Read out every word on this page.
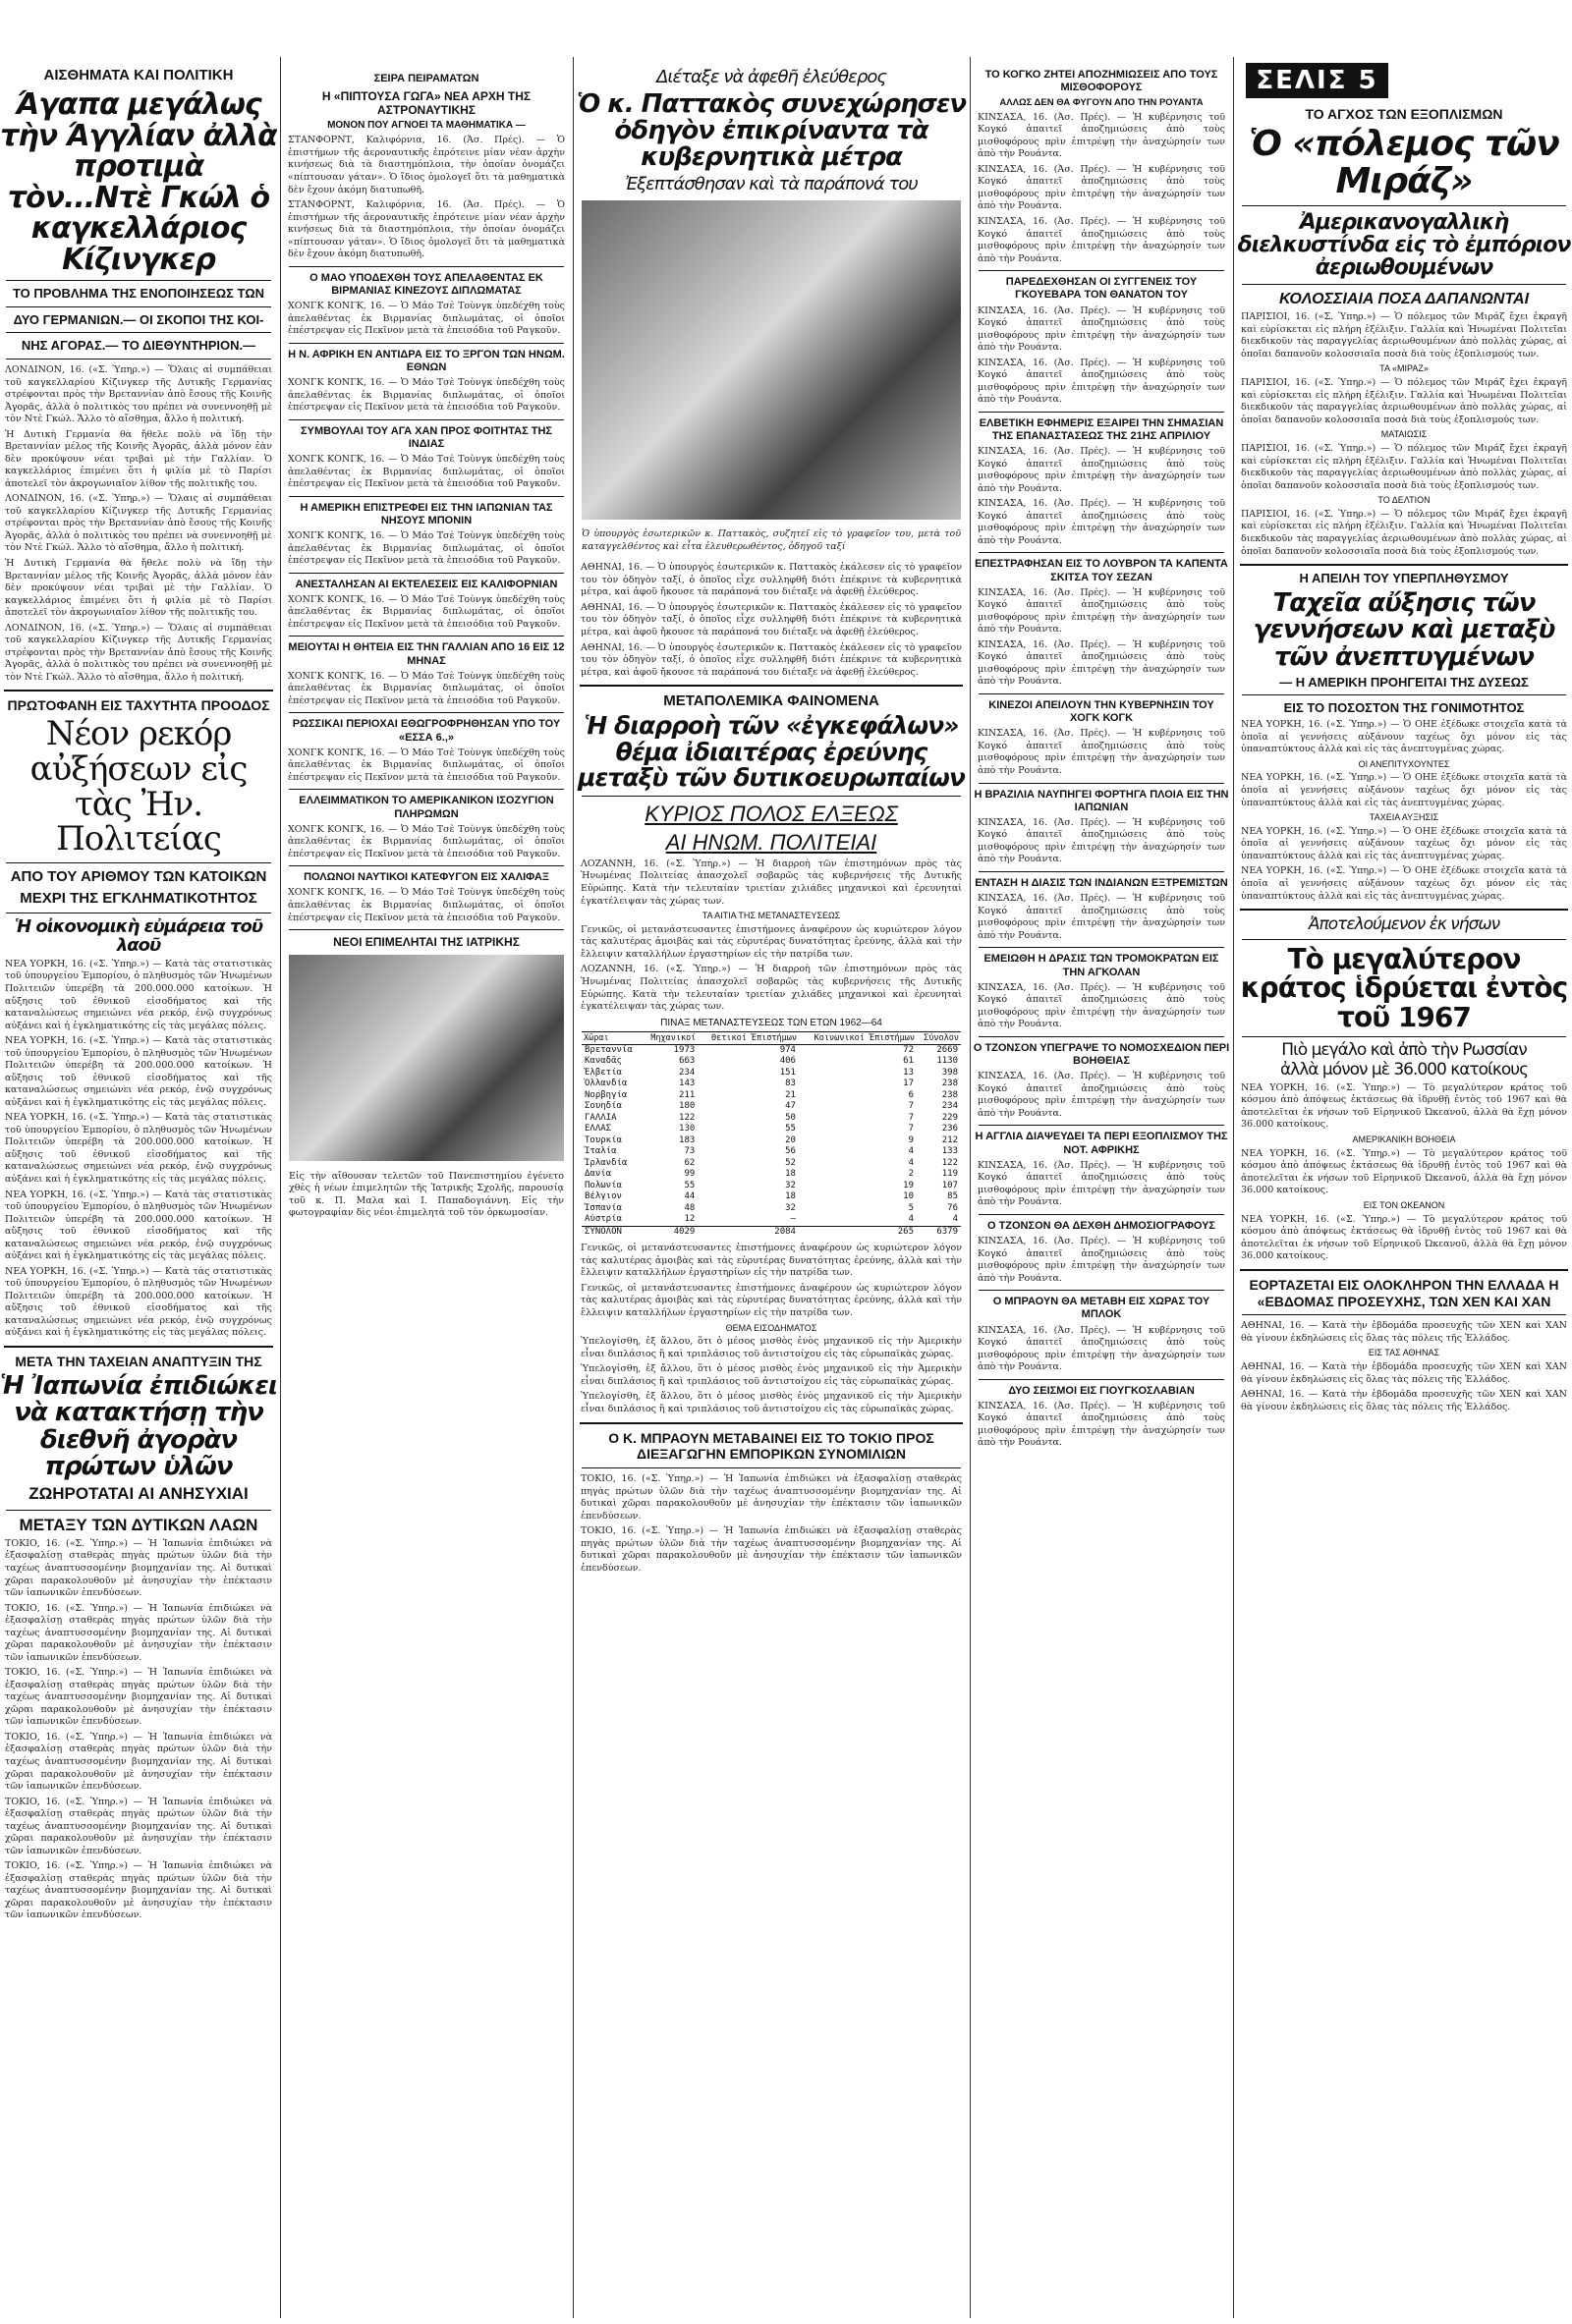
ΑΙΣΘΗΜΑΤΑ ΚΑΙ ΠΟΛΙΤΙΚΗ
Άγαπα μεγάλως τὴν Άγγλίαν ἀλλὰ προτιμὰ τὸν...Ντὲ Γκώλ ὁ καγκελλάριος Κίζινγκερ
ΤΟ ΠΡΟΒΛΗΜΑ ΤΗΣ ΕΝΟΠΟΙΗΣΕΩΣ ΤΩΝ
ΔΥΟ ΓΕΡΜΑΝΙΩΝ.— ΟΙ ΣΚΟΠΟΙ ΤΗΣ ΚΟΙ-
ΝΗΣ ΑΓΟΡΑΣ.— ΤΟ ΔΙΕΘΥΝΤΗΡΙΟΝ.—

ΛΟΝΔΙΝΟΝ, 16. («Σ. Ὑπηρ.») — Ὅλαις αἱ συμπάθειαι τοῦ καγκελλαρίου Κίζινγκερ τῆς Δυτικῆς Γερμανίας στρέφονται πρὸς τὴν Βρεταννίαν ἀπὸ ἔσους τῆς Κοινῆς Ἀγορᾶς, ἀλλὰ ὁ πολιτικὸς του πρέπει νὰ συνεννοηθῇ μὲ τὸν Ντὲ Γκώλ. Ἄλλο τὸ αἴσθημα, ἄλλο ἡ πολιτική.

Ἡ Δυτικὴ Γερμανία θὰ ἤθελε πολὺ νὰ ἴδῃ τὴν Βρεταννίαν μέλος τῆς Κοινῆς Ἀγορᾶς, ἀλλὰ μόνον ἐὰν δὲν προκύψουν νέαι τριβαὶ μὲ τὴν Γαλλίαν. Ὁ καγκελλάριος ἐπιμένει ὅτι ἡ φιλία μὲ τὸ Παρίσι ἀποτελεῖ τὸν ἀκρογωνιαῖον λίθον τῆς πολιτικῆς του.

ΛΟΝΔΙΝΟΝ, 16. («Σ. Ὑπηρ.») — Ὅλαις αἱ συμπάθειαι τοῦ καγκελλαρίου Κίζινγκερ τῆς Δυτικῆς Γερμανίας στρέφονται πρὸς τὴν Βρεταννίαν ἀπὸ ἔσους τῆς Κοινῆς Ἀγορᾶς, ἀλλὰ ὁ πολιτικὸς του πρέπει νὰ συνεννοηθῇ μὲ τὸν Ντὲ Γκώλ. Ἄλλο τὸ αἴσθημα, ἄλλο ἡ πολιτική.

Ἡ Δυτικὴ Γερμανία θὰ ἤθελε πολὺ νὰ ἴδῃ τὴν Βρεταννίαν μέλος τῆς Κοινῆς Ἀγορᾶς, ἀλλὰ μόνον ἐὰν δὲν προκύψουν νέαι τριβαὶ μὲ τὴν Γαλλίαν. Ὁ καγκελλάριος ἐπιμένει ὅτι ἡ φιλία μὲ τὸ Παρίσι ἀποτελεῖ τὸν ἀκρογωνιαῖον λίθον τῆς πολιτικῆς του.

ΛΟΝΔΙΝΟΝ, 16. («Σ. Ὑπηρ.») — Ὅλαις αἱ συμπάθειαι τοῦ καγκελλαρίου Κίζινγκερ τῆς Δυτικῆς Γερμανίας στρέφονται πρὸς τὴν Βρεταννίαν ἀπὸ ἔσους τῆς Κοινῆς Ἀγορᾶς, ἀλλὰ ὁ πολιτικὸς του πρέπει νὰ συνεννοηθῇ μὲ τὸν Ντὲ Γκώλ. Ἄλλο τὸ αἴσθημα, ἄλλο ἡ πολιτική.

ΠΡΩΤΟΦΑΝΗ ΕΙΣ ΤΑΧΥΤΗΤΑ ΠΡΟΟΔΟΣ
Νέον ρεκόρ αὐξήσεων εἰς τὰς Ἠν. Πολιτείας
ΑΠΟ ΤΟΥ ΑΡΙΘΜΟΥ ΤΩΝ ΚΑΤΟΙΚΩΝ
ΜΕΧΡΙ ΤΗΣ ΕΓΚΛΗΜΑΤΙΚΟΤΗΤΟΣ
Ἡ οἰκονομικὴ εὐμάρεια τοῦ λαοῦ

ΝΕΑ ΥΟΡΚΗ, 16. («Σ. Ὑπηρ.») — Κατὰ τὰς στατιστικὰς τοῦ ὑπουργείου Ἐμπορίου, ὁ πληθυσμὸς τῶν Ἡνωμένων Πολιτειῶν ὑπερέβη τὰ 200.000.000 κατοίκων. Ἡ αὔξησις τοῦ ἐθνικοῦ εἰσοδήματος καὶ τῆς καταναλώσεως σημειώνει νέα ρεκόρ, ἐνῷ συγχρόνως αὐξάνει καὶ ἡ ἐγκληματικότης εἰς τὰς μεγάλας πόλεις.

ΝΕΑ ΥΟΡΚΗ, 16. («Σ. Ὑπηρ.») — Κατὰ τὰς στατιστικὰς τοῦ ὑπουργείου Ἐμπορίου, ὁ πληθυσμὸς τῶν Ἡνωμένων Πολιτειῶν ὑπερέβη τὰ 200.000.000 κατοίκων. Ἡ αὔξησις τοῦ ἐθνικοῦ εἰσοδήματος καὶ τῆς καταναλώσεως σημειώνει νέα ρεκόρ, ἐνῷ συγχρόνως αὐξάνει καὶ ἡ ἐγκληματικότης εἰς τὰς μεγάλας πόλεις.

ΝΕΑ ΥΟΡΚΗ, 16. («Σ. Ὑπηρ.») — Κατὰ τὰς στατιστικὰς τοῦ ὑπουργείου Ἐμπορίου, ὁ πληθυσμὸς τῶν Ἡνωμένων Πολιτειῶν ὑπερέβη τὰ 200.000.000 κατοίκων. Ἡ αὔξησις τοῦ ἐθνικοῦ εἰσοδήματος καὶ τῆς καταναλώσεως σημειώνει νέα ρεκόρ, ἐνῷ συγχρόνως αὐξάνει καὶ ἡ ἐγκληματικότης εἰς τὰς μεγάλας πόλεις.

ΝΕΑ ΥΟΡΚΗ, 16. («Σ. Ὑπηρ.») — Κατὰ τὰς στατιστικὰς τοῦ ὑπουργείου Ἐμπορίου, ὁ πληθυσμὸς τῶν Ἡνωμένων Πολιτειῶν ὑπερέβη τὰ 200.000.000 κατοίκων. Ἡ αὔξησις τοῦ ἐθνικοῦ εἰσοδήματος καὶ τῆς καταναλώσεως σημειώνει νέα ρεκόρ, ἐνῷ συγχρόνως αὐξάνει καὶ ἡ ἐγκληματικότης εἰς τὰς μεγάλας πόλεις.

ΝΕΑ ΥΟΡΚΗ, 16. («Σ. Ὑπηρ.») — Κατὰ τὰς στατιστικὰς τοῦ ὑπουργείου Ἐμπορίου, ὁ πληθυσμὸς τῶν Ἡνωμένων Πολιτειῶν ὑπερέβη τὰ 200.000.000 κατοίκων. Ἡ αὔξησις τοῦ ἐθνικοῦ εἰσοδήματος καὶ τῆς καταναλώσεως σημειώνει νέα ρεκόρ, ἐνῷ συγχρόνως αὐξάνει καὶ ἡ ἐγκληματικότης εἰς τὰς μεγάλας πόλεις.

ΜΕΤΑ ΤΗΝ ΤΑΧΕΙΑΝ ΑΝΑΠΤΥΞΙΝ ΤΗΣ
Ἡ Ἰαπωνία ἐπιδιώκει νὰ κατακτήσῃ τὴν διεθνῆ ἀγορὰν πρώτων ὑλῶν
ΖΩΗΡΟΤΑΤΑΙ ΑΙ ΑΝΗΣΥΧΙΑΙ
ΜΕΤΑΞΥ ΤΩΝ ΔΥΤΙΚΩΝ ΛΑΩΝ

ΤΟΚΙΟ, 16. («Σ. Ὑπηρ.») — Ἡ Ἰαπωνία ἐπιδιώκει νὰ ἐξασφαλίσῃ σταθερὰς πηγὰς πρώτων ὑλῶν διὰ τὴν ταχέως ἀναπτυσσομένην βιομηχανίαν της. Αἱ δυτικαὶ χῶραι παρακολουθοῦν μὲ ἀνησυχίαν τὴν ἐπέκτασιν τῶν ἰαπωνικῶν ἐπενδύσεων.

ΤΟΚΙΟ, 16. («Σ. Ὑπηρ.») — Ἡ Ἰαπωνία ἐπιδιώκει νὰ ἐξασφαλίσῃ σταθερὰς πηγὰς πρώτων ὑλῶν διὰ τὴν ταχέως ἀναπτυσσομένην βιομηχανίαν της. Αἱ δυτικαὶ χῶραι παρακολουθοῦν μὲ ἀνησυχίαν τὴν ἐπέκτασιν τῶν ἰαπωνικῶν ἐπενδύσεων.

ΤΟΚΙΟ, 16. («Σ. Ὑπηρ.») — Ἡ Ἰαπωνία ἐπιδιώκει νὰ ἐξασφαλίσῃ σταθερὰς πηγὰς πρώτων ὑλῶν διὰ τὴν ταχέως ἀναπτυσσομένην βιομηχανίαν της. Αἱ δυτικαὶ χῶραι παρακολουθοῦν μὲ ἀνησυχίαν τὴν ἐπέκτασιν τῶν ἰαπωνικῶν ἐπενδύσεων.

ΤΟΚΙΟ, 16. («Σ. Ὑπηρ.») — Ἡ Ἰαπωνία ἐπιδιώκει νὰ ἐξασφαλίσῃ σταθερὰς πηγὰς πρώτων ὑλῶν διὰ τὴν ταχέως ἀναπτυσσομένην βιομηχανίαν της. Αἱ δυτικαὶ χῶραι παρακολουθοῦν μὲ ἀνησυχίαν τὴν ἐπέκτασιν τῶν ἰαπωνικῶν ἐπενδύσεων.

ΤΟΚΙΟ, 16. («Σ. Ὑπηρ.») — Ἡ Ἰαπωνία ἐπιδιώκει νὰ ἐξασφαλίσῃ σταθερὰς πηγὰς πρώτων ὑλῶν διὰ τὴν ταχέως ἀναπτυσσομένην βιομηχανίαν της. Αἱ δυτικαὶ χῶραι παρακολουθοῦν μὲ ἀνησυχίαν τὴν ἐπέκτασιν τῶν ἰαπωνικῶν ἐπενδύσεων.

ΤΟΚΙΟ, 16. («Σ. Ὑπηρ.») — Ἡ Ἰαπωνία ἐπιδιώκει νὰ ἐξασφαλίσῃ σταθερὰς πηγὰς πρώτων ὑλῶν διὰ τὴν ταχέως ἀναπτυσσομένην βιομηχανίαν της. Αἱ δυτικαὶ χῶραι παρακολουθοῦν μὲ ἀνησυχίαν τὴν ἐπέκτασιν τῶν ἰαπωνικῶν ἐπενδύσεων.

ΣΕΙΡΑ ΠΕΙΡΑΜΑΤΩΝ
Η «ΠΙΠΤΟΥΣΑ ΓΩΓΑ» ΝΕΑ ΑΡΧΗ ΤΗΣ ΑΣΤΡΟΝΑΥΤΙΚΗΣ
ΜΟΝΟΝ ΠΟΥ ΑΓΝΟΕΙ ΤΑ ΜΑΘΗΜΑΤΙΚΑ —

ΣΤΑΝΦΟΡΝΤ, Καλιφόρνια, 16. (Ἀσ. Πρές). — Ὁ ἐπιστήμων τῆς ἀεροναυτικῆς ἐπρότεινε μίαν νέαν ἀρχὴν κινήσεως διὰ τὰ διαστημόπλοια, τὴν ὁποίαν ὀνομάζει «πίπτουσαν γάταν». Ὁ ἴδιος ὁμολογεῖ ὅτι τὰ μαθηματικὰ δὲν ἔχουν ἀκόμη διατυπωθῆ.

ΣΤΑΝΦΟΡΝΤ, Καλιφόρνια, 16. (Ἀσ. Πρές). — Ὁ ἐπιστήμων τῆς ἀεροναυτικῆς ἐπρότεινε μίαν νέαν ἀρχὴν κινήσεως διὰ τὰ διαστημόπλοια, τὴν ὁποίαν ὀνομάζει «πίπτουσαν γάταν». Ὁ ἴδιος ὁμολογεῖ ὅτι τὰ μαθηματικὰ δὲν ἔχουν ἀκόμη διατυπωθῆ.

Ο ΜΑΟ ΥΠΟΔΕΧΘΗ ΤΟΥΣ ΑΠΕΛΑΘΕΝΤΑΣ ΕΚ ΒΙΡΜΑΝΙΑΣ ΚΙΝΕΖΟΥΣ ΔΙΠΛΩΜΑΤΑΣ

ΧΟΝΓΚ ΚΟΝΓΚ, 16. — Ὁ Μάο Τσὲ Τοὺνγκ ὑπεδέχθη τοὺς ἀπελαθέντας ἐκ Βιρμανίας διπλωμάτας, οἱ ὁποῖοι ἐπέστρεψαν εἰς Πεκῖνον μετὰ τὰ ἐπεισόδια τοῦ Ραγκοῦν.

Η Ν. ΑΦΡΙΚΗ ΕΝ ΑΝΤΙΔΡΑ ΕΙΣ ΤΟ ΞΡΓΟΝ ΤΩΝ ΗΝΩΜ. ΕΘΝΩΝ

ΧΟΝΓΚ ΚΟΝΓΚ, 16. — Ὁ Μάο Τσὲ Τοὺνγκ ὑπεδέχθη τοὺς ἀπελαθέντας ἐκ Βιρμανίας διπλωμάτας, οἱ ὁποῖοι ἐπέστρεψαν εἰς Πεκῖνον μετὰ τὰ ἐπεισόδια τοῦ Ραγκοῦν.

ΣΥΜΒΟΥΛΑΙ ΤΟΥ ΑΓΑ ΧΑΝ ΠΡΟΣ ΦΟΙΤΗΤΑΣ ΤΗΣ ΙΝΔΙΑΣ

ΧΟΝΓΚ ΚΟΝΓΚ, 16. — Ὁ Μάο Τσὲ Τοὺνγκ ὑπεδέχθη τοὺς ἀπελαθέντας ἐκ Βιρμανίας διπλωμάτας, οἱ ὁποῖοι ἐπέστρεψαν εἰς Πεκῖνον μετὰ τὰ ἐπεισόδια τοῦ Ραγκοῦν.

Η ΑΜΕΡΙΚΗ ΕΠΙΣΤΡΕΦΕΙ ΕΙΣ ΤΗΝ ΙΑΠΩΝΙΑΝ ΤΑΣ ΝΗΣΟΥΣ ΜΠΟΝΙΝ

ΧΟΝΓΚ ΚΟΝΓΚ, 16. — Ὁ Μάο Τσὲ Τοὺνγκ ὑπεδέχθη τοὺς ἀπελαθέντας ἐκ Βιρμανίας διπλωμάτας, οἱ ὁποῖοι ἐπέστρεψαν εἰς Πεκῖνον μετὰ τὰ ἐπεισόδια τοῦ Ραγκοῦν.

ΑΝΕΣΤΑΛΗΣΑΝ ΑΙ ΕΚΤΕΛΕΣΕΙΣ ΕΙΣ ΚΑΛΙΦΟΡΝΙΑΝ

ΧΟΝΓΚ ΚΟΝΓΚ, 16. — Ὁ Μάο Τσὲ Τοὺνγκ ὑπεδέχθη τοὺς ἀπελαθέντας ἐκ Βιρμανίας διπλωμάτας, οἱ ὁποῖοι ἐπέστρεψαν εἰς Πεκῖνον μετὰ τὰ ἐπεισόδια τοῦ Ραγκοῦν.

ΜΕΙΟΥΤΑΙ Η ΘΗΤΕΙΑ ΕΙΣ ΤΗΝ ΓΑΛΛΙΑΝ ΑΠΟ 16 ΕΙΣ 12 ΜΗΝΑΣ

ΧΟΝΓΚ ΚΟΝΓΚ, 16. — Ὁ Μάο Τσὲ Τοὺνγκ ὑπεδέχθη τοὺς ἀπελαθέντας ἐκ Βιρμανίας διπλωμάτας, οἱ ὁποῖοι ἐπέστρεψαν εἰς Πεκῖνον μετὰ τὰ ἐπεισόδια τοῦ Ραγκοῦν.

ΡΩΣΣΙΚΑΙ ΠΕΡΙΟΧΑΙ ΕΘΩΓΡΟΦΡΗΘΗΣΑΝ ΥΠΟ ΤΟΥ «ΕΣΣΑ 6.,»

ΧΟΝΓΚ ΚΟΝΓΚ, 16. — Ὁ Μάο Τσὲ Τοὺνγκ ὑπεδέχθη τοὺς ἀπελαθέντας ἐκ Βιρμανίας διπλωμάτας, οἱ ὁποῖοι ἐπέστρεψαν εἰς Πεκῖνον μετὰ τὰ ἐπεισόδια τοῦ Ραγκοῦν.

ΕΛΛΕΙΜΜΑΤΙΚΟΝ ΤΟ ΑΜΕΡΙΚΑΝΙΚΟΝ ΙΣΟΖΥΓΙΟΝ ΠΛΗΡΩΜΩΝ

ΧΟΝΓΚ ΚΟΝΓΚ, 16. — Ὁ Μάο Τσὲ Τοὺνγκ ὑπεδέχθη τοὺς ἀπελαθέντας ἐκ Βιρμανίας διπλωμάτας, οἱ ὁποῖοι ἐπέστρεψαν εἰς Πεκῖνον μετὰ τὰ ἐπεισόδια τοῦ Ραγκοῦν.

ΠΟΛΩΝΟΙ ΝΑΥΤΙΚΟΙ ΚΑΤΕΦΥΓΟΝ ΕΙΣ ΧΑΛΙΦΑΞ

ΧΟΝΓΚ ΚΟΝΓΚ, 16. — Ὁ Μάο Τσὲ Τοὺνγκ ὑπεδέχθη τοὺς ἀπελαθέντας ἐκ Βιρμανίας διπλωμάτας, οἱ ὁποῖοι ἐπέστρεψαν εἰς Πεκῖνον μετὰ τὰ ἐπεισόδια τοῦ Ραγκοῦν.

ΝΕΟΙ ΕΠΙΜΕΛΗΤΑΙ ΤΗΣ ΙΑΤΡΙΚΗΣ

Εἰς τὴν αἴθουσαν τελετῶν τοῦ Πανεπιστημίου ἐγένετο χθὲς ἡ νέων ἐπιμελητῶν τῆς Ἰατρικῆς Σχολῆς, παρουσίᾳ τοῦ κ. Π. Μαλα καὶ Ι. Παπαδογιάννη. Εἰς τὴν φωτογραφίαν δὶς νέοι ἐπιμελητὰ τοῦ τὸν ὁρκωμοσίαν.

Διέταξε νὰ ἀφεθῆ ἐλεύθερος
Ὁ κ. Παττακὸς συνεχώρησεν ὀδηγὸν ἐπικρίναντα τὰ κυβερνητικὰ μέτρα
Ἐξεπτάσθησαν καὶ τὰ παράπονά του

Ὁ ὑπουργὸς ἐσωτερικῶν κ. Παττακὸς, συζητεῖ εἰς τὸ γραφεῖον του, μετὰ τοῦ καταγγελθέντος καὶ εἶτα ἐλευθερωθέντος, ὀδηγοῦ ταξί

ΑΘΗΝΑΙ, 16. — Ὁ ὑπουργὸς ἐσωτερικῶν κ. Παττακὸς ἐκάλεσεν εἰς τὸ γραφεῖον του τὸν ὁδηγὸν ταξί, ὁ ὁποῖος εἶχε συλληφθῆ διότι ἐπέκρινε τὰ κυβερνητικὰ μέτρα, καὶ ἀφοῦ ἤκουσε τὰ παράπονά του διέταξε νὰ ἀφεθῇ ἐλεύθερος.

ΑΘΗΝΑΙ, 16. — Ὁ ὑπουργὸς ἐσωτερικῶν κ. Παττακὸς ἐκάλεσεν εἰς τὸ γραφεῖον του τὸν ὁδηγὸν ταξί, ὁ ὁποῖος εἶχε συλληφθῆ διότι ἐπέκρινε τὰ κυβερνητικὰ μέτρα, καὶ ἀφοῦ ἤκουσε τὰ παράπονά του διέταξε νὰ ἀφεθῇ ἐλεύθερος.

ΑΘΗΝΑΙ, 16. — Ὁ ὑπουργὸς ἐσωτερικῶν κ. Παττακὸς ἐκάλεσεν εἰς τὸ γραφεῖον του τὸν ὁδηγὸν ταξί, ὁ ὁποῖος εἶχε συλληφθῆ διότι ἐπέκρινε τὰ κυβερνητικὰ μέτρα, καὶ ἀφοῦ ἤκουσε τὰ παράπονά του διέταξε νὰ ἀφεθῇ ἐλεύθερος.

ΜΕΤΑΠΟΛΕΜΙΚΑ ΦΑΙΝΟΜΕΝΑ
Ἡ διαρροὴ τῶν «ἐγκεφάλων» θέμα ἰδιαιτέρας ἐρεύνης μεταξὺ τῶν δυτικοευρωπαίων
ΚΥΡΙΟΣ ΠΟΛΟΣ ΕΛΞΕΩΣ
ΑΙ ΗΝΩΜ. ΠΟΛΙΤΕΙΑΙ

ΛΟΖΑΝΝΗ, 16. («Σ. Ὑπηρ.») — Ἡ διαρροὴ τῶν ἐπιστημόνων πρὸς τὰς Ἡνωμένας Πολιτείας ἀπασχολεῖ σοβαρῶς τὰς κυβερνήσεις τῆς Δυτικῆς Εὐρώπης. Κατὰ τὴν τελευταίαν τριετίαν χιλιάδες μηχανικοὶ καὶ ἐρευνηταὶ ἐγκατέλειψαν τὰς χώρας των.

ΤΑ ΑΙΤΙΑ ΤΗΣ ΜΕΤΑΝΑΣΤΕΥΣΕΩΣ

Γενικῶς, οἱ μετανάστευσαντες ἐπιστήμονες ἀναφέρουν ὡς κυριώτερον λόγον τὰς καλυτέρας ἀμοιβὰς καὶ τὰς εὐρυτέρας δυνατότητας ἐρεύνης, ἀλλὰ καὶ τὴν ἔλλειψιν καταλλήλων ἐργαστηρίων εἰς τὴν πατρίδα των.

ΛΟΖΑΝΝΗ, 16. («Σ. Ὑπηρ.») — Ἡ διαρροὴ τῶν ἐπιστημόνων πρὸς τὰς Ἡνωμένας Πολιτείας ἀπασχολεῖ σοβαρῶς τὰς κυβερνήσεις τῆς Δυτικῆς Εὐρώπης. Κατὰ τὴν τελευταίαν τριετίαν χιλιάδες μηχανικοὶ καὶ ἐρευνηταὶ ἐγκατέλειψαν τὰς χώρας των.

ΠΙΝΑΞ ΜΕΤΑΝΑΣΤΕΥΣΕΩΣ ΤΩΝ ΕΤΩΝ 1962—64
Χῶραι	Μηχανικοί	Θετικοί Ἐπιστήμων	Κοινωνικοί Ἐπιστήμων	Σύνολον
Βρεταννία	1973	974	72	2669
Καναδᾶς	663	406	61	1130
Ἑλβετία	234	151	13	398
Ὁλλανδία	143	83	17	238
Νορβηγία	211	21	6	238
Σουηδία	180	47	7	234
ΓΑΛΛΙΑ	122	50	7	229
ΕΛΛΑΣ	130	55	7	236
Τουρκία	183	20	9	212
Ἰταλία	73	56	4	133
Ἰρλανδία	62	52	4	122
Δανία	99	18	2	119
Πολωνία	55	32	19	107
Βέλγιον	44	18	10	85
Ἰσπανία	48	32	5	76
Αὐστρία	12	—	4	4
ΣΥΝΟΛΟΝ	4029	2084	265	6379

Γενικῶς, οἱ μετανάστευσαντες ἐπιστήμονες ἀναφέρουν ὡς κυριώτερον λόγον τὰς καλυτέρας ἀμοιβὰς καὶ τὰς εὐρυτέρας δυνατότητας ἐρεύνης, ἀλλὰ καὶ τὴν ἔλλειψιν καταλλήλων ἐργαστηρίων εἰς τὴν πατρίδα των.

Γενικῶς, οἱ μετανάστευσαντες ἐπιστήμονες ἀναφέρουν ὡς κυριώτερον λόγον τὰς καλυτέρας ἀμοιβὰς καὶ τὰς εὐρυτέρας δυνατότητας ἐρεύνης, ἀλλὰ καὶ τὴν ἔλλειψιν καταλλήλων ἐργαστηρίων εἰς τὴν πατρίδα των.

ΘΕΜΑ ΕΙΣΟΔΗΜΑΤΟΣ

Ὑπελογίσθη, ἐξ ἄλλου, ὅτι ὁ μέσος μισθὸς ἐνὸς μηχανικοῦ εἰς τὴν Ἀμερικὴν εἶναι διπλάσιος ἢ καὶ τριπλάσιος τοῦ ἀντιστοίχου εἰς τὰς εὐρωπαϊκὰς χώρας.

Ὑπελογίσθη, ἐξ ἄλλου, ὅτι ὁ μέσος μισθὸς ἐνὸς μηχανικοῦ εἰς τὴν Ἀμερικὴν εἶναι διπλάσιος ἢ καὶ τριπλάσιος τοῦ ἀντιστοίχου εἰς τὰς εὐρωπαϊκὰς χώρας.

Ὑπελογίσθη, ἐξ ἄλλου, ὅτι ὁ μέσος μισθὸς ἐνὸς μηχανικοῦ εἰς τὴν Ἀμερικὴν εἶναι διπλάσιος ἢ καὶ τριπλάσιος τοῦ ἀντιστοίχου εἰς τὰς εὐρωπαϊκὰς χώρας.

Ο Κ. ΜΠΡΑΟΥΝ ΜΕΤΑΒΑΙΝΕΙ ΕΙΣ ΤΟ ΤΟΚΙΟ ΠΡΟΣ ΔΙΕΞΑΓΩΓΗΝ ΕΜΠΟΡΙΚΩΝ ΣΥΝΟΜΙΛΙΩΝ

ΤΟΚΙΟ, 16. («Σ. Ὑπηρ.») — Ἡ Ἰαπωνία ἐπιδιώκει νὰ ἐξασφαλίσῃ σταθερὰς πηγὰς πρώτων ὑλῶν διὰ τὴν ταχέως ἀναπτυσσομένην βιομηχανίαν της. Αἱ δυτικαὶ χῶραι παρακολουθοῦν μὲ ἀνησυχίαν τὴν ἐπέκτασιν τῶν ἰαπωνικῶν ἐπενδύσεων.

ΤΟΚΙΟ, 16. («Σ. Ὑπηρ.») — Ἡ Ἰαπωνία ἐπιδιώκει νὰ ἐξασφαλίσῃ σταθερὰς πηγὰς πρώτων ὑλῶν διὰ τὴν ταχέως ἀναπτυσσομένην βιομηχανίαν της. Αἱ δυτικαὶ χῶραι παρακολουθοῦν μὲ ἀνησυχίαν τὴν ἐπέκτασιν τῶν ἰαπωνικῶν ἐπενδύσεων.

ΤΟ ΚΟΓΚΟ ΖΗΤΕΙ ΑΠΟΖΗΜΙΩΣΕΙΣ ΑΠΟ ΤΟΥΣ ΜΙΣΘΟΦΟΡΟΥΣ
ΑΛΛΩΣ ΔΕΝ ΘΑ ΦΥΓΟΥΝ ΑΠΟ ΤΗΝ ΡΟΥΑΝΤΑ

ΚΙΝΣΑΣΑ, 16. (Ἀσ. Πρές). — Ἡ κυβέρνησις τοῦ Κογκό ἀπαιτεῖ ἀποζημιώσεις ἀπὸ τοὺς μισθοφόρους πρὶν ἐπιτρέψῃ τὴν ἀναχώρησίν των ἀπὸ τὴν Ρουάντα.

ΚΙΝΣΑΣΑ, 16. (Ἀσ. Πρές). — Ἡ κυβέρνησις τοῦ Κογκό ἀπαιτεῖ ἀποζημιώσεις ἀπὸ τοὺς μισθοφόρους πρὶν ἐπιτρέψῃ τὴν ἀναχώρησίν των ἀπὸ τὴν Ρουάντα.

ΚΙΝΣΑΣΑ, 16. (Ἀσ. Πρές). — Ἡ κυβέρνησις τοῦ Κογκό ἀπαιτεῖ ἀποζημιώσεις ἀπὸ τοὺς μισθοφόρους πρὶν ἐπιτρέψῃ τὴν ἀναχώρησίν των ἀπὸ τὴν Ρουάντα.

ΠΑΡΕΔΕΧΘΗΣΑΝ ΟΙ ΣΥΓΓΕΝΕΙΣ ΤΟΥ ΓΚΟΥΕΒΑΡΑ ΤΟΝ ΘΑΝΑΤΟΝ ΤΟΥ

ΚΙΝΣΑΣΑ, 16. (Ἀσ. Πρές). — Ἡ κυβέρνησις τοῦ Κογκό ἀπαιτεῖ ἀποζημιώσεις ἀπὸ τοὺς μισθοφόρους πρὶν ἐπιτρέψῃ τὴν ἀναχώρησίν των ἀπὸ τὴν Ρουάντα.

ΚΙΝΣΑΣΑ, 16. (Ἀσ. Πρές). — Ἡ κυβέρνησις τοῦ Κογκό ἀπαιτεῖ ἀποζημιώσεις ἀπὸ τοὺς μισθοφόρους πρὶν ἐπιτρέψῃ τὴν ἀναχώρησίν των ἀπὸ τὴν Ρουάντα.

ΕΛΒΕΤΙΚΗ ΕΦΗΜΕΡΙΣ ΕΞΑΙΡΕΙ ΤΗΝ ΣΗΜΑΣΙΑΝ ΤΗΣ ΕΠΑΝΑΣΤΑΣΕΩΣ ΤΗΣ 21ΗΣ ΑΠΡΙΛΙΟΥ

ΚΙΝΣΑΣΑ, 16. (Ἀσ. Πρές). — Ἡ κυβέρνησις τοῦ Κογκό ἀπαιτεῖ ἀποζημιώσεις ἀπὸ τοὺς μισθοφόρους πρὶν ἐπιτρέψῃ τὴν ἀναχώρησίν των ἀπὸ τὴν Ρουάντα.

ΚΙΝΣΑΣΑ, 16. (Ἀσ. Πρές). — Ἡ κυβέρνησις τοῦ Κογκό ἀπαιτεῖ ἀποζημιώσεις ἀπὸ τοὺς μισθοφόρους πρὶν ἐπιτρέψῃ τὴν ἀναχώρησίν των ἀπὸ τὴν Ρουάντα.

ΕΠΕΣΤΡΑΦΗΣΑΝ ΕΙΣ ΤΟ ΛΟΥΒΡΟΝ ΤΑ ΚΑΠΕΝΤΑ ΣΚΙΤΣΑ ΤΟΥ ΣΕΖΑΝ

ΚΙΝΣΑΣΑ, 16. (Ἀσ. Πρές). — Ἡ κυβέρνησις τοῦ Κογκό ἀπαιτεῖ ἀποζημιώσεις ἀπὸ τοὺς μισθοφόρους πρὶν ἐπιτρέψῃ τὴν ἀναχώρησίν των ἀπὸ τὴν Ρουάντα.

ΚΙΝΣΑΣΑ, 16. (Ἀσ. Πρές). — Ἡ κυβέρνησις τοῦ Κογκό ἀπαιτεῖ ἀποζημιώσεις ἀπὸ τοὺς μισθοφόρους πρὶν ἐπιτρέψῃ τὴν ἀναχώρησίν των ἀπὸ τὴν Ρουάντα.

ΚΙΝΕΖΟΙ ΑΠΕΙΛΟΥΝ ΤΗΝ ΚΥΒΕΡΝΗΣΙΝ ΤΟΥ ΧΟΓΚ ΚΟΓΚ

ΚΙΝΣΑΣΑ, 16. (Ἀσ. Πρές). — Ἡ κυβέρνησις τοῦ Κογκό ἀπαιτεῖ ἀποζημιώσεις ἀπὸ τοὺς μισθοφόρους πρὶν ἐπιτρέψῃ τὴν ἀναχώρησίν των ἀπὸ τὴν Ρουάντα.

Η ΒΡΑΖΙΛΙΑ ΝΑΥΠΗΓΕΙ ΦΟΡΤΗΓΑ ΠΛΟΙΑ ΕΙΣ ΤΗΝ ΙΑΠΩΝΙΑΝ

ΚΙΝΣΑΣΑ, 16. (Ἀσ. Πρές). — Ἡ κυβέρνησις τοῦ Κογκό ἀπαιτεῖ ἀποζημιώσεις ἀπὸ τοὺς μισθοφόρους πρὶν ἐπιτρέψῃ τὴν ἀναχώρησίν των ἀπὸ τὴν Ρουάντα.

ΕΝΤΑΣΗ Η ΔΙΑΣΙΣ ΤΩΝ ΙΝΔΙΑΝΩΝ ΕΞΤΡΕΜΙΣΤΩΝ

ΚΙΝΣΑΣΑ, 16. (Ἀσ. Πρές). — Ἡ κυβέρνησις τοῦ Κογκό ἀπαιτεῖ ἀποζημιώσεις ἀπὸ τοὺς μισθοφόρους πρὶν ἐπιτρέψῃ τὴν ἀναχώρησίν των ἀπὸ τὴν Ρουάντα.

ΕΜΕΙΩΘΗ Η ΔΡΑΣΙΣ ΤΩΝ ΤΡΟΜΟΚΡΑΤΩΝ ΕΙΣ ΤΗΝ ΑΓΚΟΛΑΝ

ΚΙΝΣΑΣΑ, 16. (Ἀσ. Πρές). — Ἡ κυβέρνησις τοῦ Κογκό ἀπαιτεῖ ἀποζημιώσεις ἀπὸ τοὺς μισθοφόρους πρὶν ἐπιτρέψῃ τὴν ἀναχώρησίν των ἀπὸ τὴν Ρουάντα.

Ο ΤΖΟΝΣΟΝ ΥΠΕΓΡΑΨΕ ΤΟ ΝΟΜΟΣΧΕΔΙΟΝ ΠΕΡΙ ΒΟΗΘΕΙΑΣ

ΚΙΝΣΑΣΑ, 16. (Ἀσ. Πρές). — Ἡ κυβέρνησις τοῦ Κογκό ἀπαιτεῖ ἀποζημιώσεις ἀπὸ τοὺς μισθοφόρους πρὶν ἐπιτρέψῃ τὴν ἀναχώρησίν των ἀπὸ τὴν Ρουάντα.

Η ΑΓΓΛΙΑ ΔΙΑΨΕΥΔΕΙ ΤΑ ΠΕΡΙ ΕΞΟΠΛΙΣΜΟΥ ΤΗΣ ΝΟΤ. ΑΦΡΙΚΗΣ

ΚΙΝΣΑΣΑ, 16. (Ἀσ. Πρές). — Ἡ κυβέρνησις τοῦ Κογκό ἀπαιτεῖ ἀποζημιώσεις ἀπὸ τοὺς μισθοφόρους πρὶν ἐπιτρέψῃ τὴν ἀναχώρησίν των ἀπὸ τὴν Ρουάντα.

Ο ΤΖΟΝΣΟΝ ΘΑ ΔΕΧΘΗ ΔΗΜΟΣΙΟΓΡΑΦΟΥΣ

ΚΙΝΣΑΣΑ, 16. (Ἀσ. Πρές). — Ἡ κυβέρνησις τοῦ Κογκό ἀπαιτεῖ ἀποζημιώσεις ἀπὸ τοὺς μισθοφόρους πρὶν ἐπιτρέψῃ τὴν ἀναχώρησίν των ἀπὸ τὴν Ρουάντα.

Ο ΜΠΡΑΟΥΝ ΘΑ ΜΕΤΑΒΗ ΕΙΣ ΧΩΡΑΣ ΤΟΥ ΜΠΛΟΚ

ΚΙΝΣΑΣΑ, 16. (Ἀσ. Πρές). — Ἡ κυβέρνησις τοῦ Κογκό ἀπαιτεῖ ἀποζημιώσεις ἀπὸ τοὺς μισθοφόρους πρὶν ἐπιτρέψῃ τὴν ἀναχώρησίν των ἀπὸ τὴν Ρουάντα.

ΔΥΟ ΣΕΙΣΜΟΙ ΕΙΣ ΓΙΟΥΓΚΟΣΛΑΒΙΑΝ

ΚΙΝΣΑΣΑ, 16. (Ἀσ. Πρές). — Ἡ κυβέρνησις τοῦ Κογκό ἀπαιτεῖ ἀποζημιώσεις ἀπὸ τοὺς μισθοφόρους πρὶν ἐπιτρέψῃ τὴν ἀναχώρησίν των ἀπὸ τὴν Ρουάντα.

ΣΕΛΙΣ 5
ΤΟ ΑΓΧΟΣ ΤΩΝ ΕΞΟΠΛΙΣΜΩΝ
Ὁ «πόλεμος τῶν Μιράζ»
Ἀμερικανογαλλικὴ διελκυστίνδα εἰς τὸ ἐμπόριον ἀεριωθουμένων
ΚΟΛΟΣΣΙΑΙΑ ΠΟΣΑ ΔΑΠΑΝΩΝΤΑΙ

ΠΑΡΙΣΙΟΙ, 16. («Σ. Ὑπηρ.») — Ὁ πόλεμος τῶν Μιράζ ἔχει ἐκραγῆ καὶ εὑρίσκεται εἰς πλήρη ἐξέλιξιν. Γαλλία καὶ Ἡνωμέναι Πολιτεῖαι διεκδικοῦν τὰς παραγγελίας ἀεριωθουμένων ἀπὸ πολλὰς χώρας, αἱ ὁποῖαι δαπανοῦν κολοσσιαῖα ποσὰ διὰ τοὺς ἐξοπλισμούς των.

ΤΑ «ΜΙΡΑΖ»

ΠΑΡΙΣΙΟΙ, 16. («Σ. Ὑπηρ.») — Ὁ πόλεμος τῶν Μιράζ ἔχει ἐκραγῆ καὶ εὑρίσκεται εἰς πλήρη ἐξέλιξιν. Γαλλία καὶ Ἡνωμέναι Πολιτεῖαι διεκδικοῦν τὰς παραγγελίας ἀεριωθουμένων ἀπὸ πολλὰς χώρας, αἱ ὁποῖαι δαπανοῦν κολοσσιαῖα ποσὰ διὰ τοὺς ἐξοπλισμούς των.

ΜΑΤΑΙΩΣΙΣ

ΠΑΡΙΣΙΟΙ, 16. («Σ. Ὑπηρ.») — Ὁ πόλεμος τῶν Μιράζ ἔχει ἐκραγῆ καὶ εὑρίσκεται εἰς πλήρη ἐξέλιξιν. Γαλλία καὶ Ἡνωμέναι Πολιτεῖαι διεκδικοῦν τὰς παραγγελίας ἀεριωθουμένων ἀπὸ πολλὰς χώρας, αἱ ὁποῖαι δαπανοῦν κολοσσιαῖα ποσὰ διὰ τοὺς ἐξοπλισμούς των.

ΤΟ ΔΕΛΤΙΟΝ

ΠΑΡΙΣΙΟΙ, 16. («Σ. Ὑπηρ.») — Ὁ πόλεμος τῶν Μιράζ ἔχει ἐκραγῆ καὶ εὑρίσκεται εἰς πλήρη ἐξέλιξιν. Γαλλία καὶ Ἡνωμέναι Πολιτεῖαι διεκδικοῦν τὰς παραγγελίας ἀεριωθουμένων ἀπὸ πολλὰς χώρας, αἱ ὁποῖαι δαπανοῦν κολοσσιαῖα ποσὰ διὰ τοὺς ἐξοπλισμούς των.

Η ΑΠΕΙΛΗ ΤΟΥ ΥΠΕΡΠΛΗΘΥΣΜΟΥ
Ταχεῖα αὔξησις τῶν γεννήσεων καὶ μεταξὺ τῶν ἀνεπτυγμένων
— Η ΑΜΕΡΙΚΗ ΠΡΟΗΓΕΙΤΑΙ ΤΗΣ ΔΥΣΕΩΣ
ΕΙΣ ΤΟ ΠΟΣΟΣΤΟΝ ΤΗΣ ΓΟΝΙΜΟΤΗΤΟΣ

ΝΕΑ ΥΟΡΚΗ, 16. («Σ. Ὑπηρ.») — Ὁ ΟΗΕ ἐξέδωκε στοιχεῖα κατὰ τὰ ὁποῖα αἱ γεννήσεις αὐξάνουν ταχέως ὄχι μόνον εἰς τὰς ὑπαναπτύκτους ἀλλὰ καὶ εἰς τὰς ἀνεπτυγμένας χώρας.

ΟΙ ΑΝΕΠΙΤΥΧΟΥΝΤΕΣ

ΝΕΑ ΥΟΡΚΗ, 16. («Σ. Ὑπηρ.») — Ὁ ΟΗΕ ἐξέδωκε στοιχεῖα κατὰ τὰ ὁποῖα αἱ γεννήσεις αὐξάνουν ταχέως ὄχι μόνον εἰς τὰς ὑπαναπτύκτους ἀλλὰ καὶ εἰς τὰς ἀνεπτυγμένας χώρας.

ΤΑΧΕΙΑ ΑΥΞΗΣΙΣ

ΝΕΑ ΥΟΡΚΗ, 16. («Σ. Ὑπηρ.») — Ὁ ΟΗΕ ἐξέδωκε στοιχεῖα κατὰ τὰ ὁποῖα αἱ γεννήσεις αὐξάνουν ταχέως ὄχι μόνον εἰς τὰς ὑπαναπτύκτους ἀλλὰ καὶ εἰς τὰς ἀνεπτυγμένας χώρας.

ΝΕΑ ΥΟΡΚΗ, 16. («Σ. Ὑπηρ.») — Ὁ ΟΗΕ ἐξέδωκε στοιχεῖα κατὰ τὰ ὁποῖα αἱ γεννήσεις αὐξάνουν ταχέως ὄχι μόνον εἰς τὰς ὑπαναπτύκτους ἀλλὰ καὶ εἰς τὰς ἀνεπτυγμένας χώρας.

Ἀποτελούμενον ἐκ νήσων
Τὸ μεγαλύτερον κράτος ἱδρύεται ἐντὸς τοῦ 1967
Πιὸ μεγάλο καὶ ἀπὸ τὴν Ρωσσίαν
ἀλλὰ μόνον μὲ 36.000 κατοίκους

ΝΕΑ ΥΟΡΚΗ, 16. («Σ. Ὑπηρ.») — Τὸ μεγαλύτερον κράτος τοῦ κόσμου ἀπὸ ἀπόψεως ἐκτάσεως θὰ ἱδρυθῇ ἐντὸς τοῦ 1967 καὶ θὰ ἀποτελεῖται ἐκ νήσων τοῦ Εἰρηνικοῦ Ὠκεανοῦ, ἀλλὰ θὰ ἔχῃ μόνον 36.000 κατοίκους.

ΑΜΕΡΙΚΑΝΙΚΗ ΒΟΗΘΕΙΑ

ΝΕΑ ΥΟΡΚΗ, 16. («Σ. Ὑπηρ.») — Τὸ μεγαλύτερον κράτος τοῦ κόσμου ἀπὸ ἀπόψεως ἐκτάσεως θὰ ἱδρυθῇ ἐντὸς τοῦ 1967 καὶ θὰ ἀποτελεῖται ἐκ νήσων τοῦ Εἰρηνικοῦ Ὠκεανοῦ, ἀλλὰ θὰ ἔχῃ μόνον 36.000 κατοίκους.

ΕΙΣ ΤΟΝ ΩΚΕΑΝΟΝ

ΝΕΑ ΥΟΡΚΗ, 16. («Σ. Ὑπηρ.») — Τὸ μεγαλύτερον κράτος τοῦ κόσμου ἀπὸ ἀπόψεως ἐκτάσεως θὰ ἱδρυθῇ ἐντὸς τοῦ 1967 καὶ θὰ ἀποτελεῖται ἐκ νήσων τοῦ Εἰρηνικοῦ Ὠκεανοῦ, ἀλλὰ θὰ ἔχῃ μόνον 36.000 κατοίκους.

ΕΟΡΤΑΖΕΤΑΙ ΕΙΣ ΟΛΟΚΛΗΡΟΝ ΤΗΝ ΕΛΛΑΔΑ Η «ΕΒΔΟΜΑΣ ΠΡΟΣΕΥΧΗΣ, ΤΩΝ ΧΕΝ ΚΑΙ ΧΑΝ

ΑΘΗΝΑΙ, 16. — Κατὰ τὴν ἑβδομάδα προσευχῆς τῶν ΧΕΝ καὶ ΧΑΝ θὰ γίνουν ἐκδηλώσεις εἰς ὅλας τὰς πόλεις τῆς Ἑλλάδος.

ΕΙΣ ΤΑΣ ΑΘΗΝΑΣ

ΑΘΗΝΑΙ, 16. — Κατὰ τὴν ἑβδομάδα προσευχῆς τῶν ΧΕΝ καὶ ΧΑΝ θὰ γίνουν ἐκδηλώσεις εἰς ὅλας τὰς πόλεις τῆς Ἑλλάδος.

ΑΘΗΝΑΙ, 16. — Κατὰ τὴν ἑβδομάδα προσευχῆς τῶν ΧΕΝ καὶ ΧΑΝ θὰ γίνουν ἐκδηλώσεις εἰς ὅλας τὰς πόλεις τῆς Ἑλλάδος.
